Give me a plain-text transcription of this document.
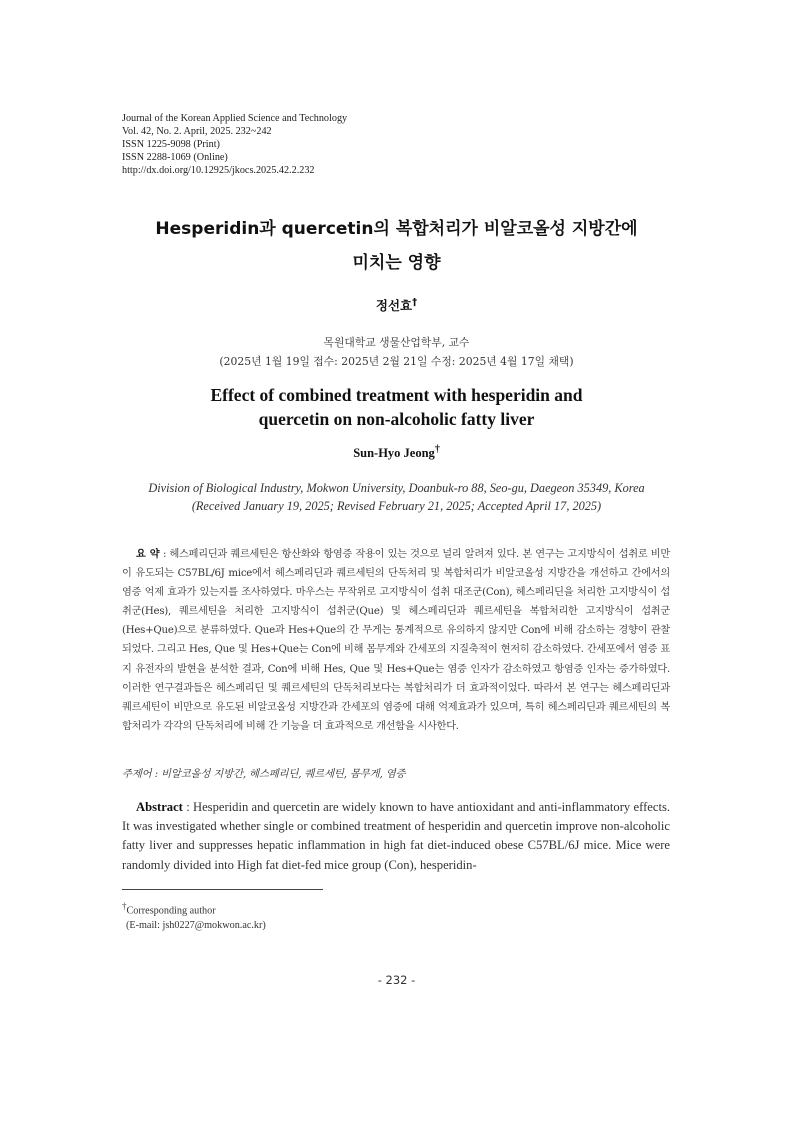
Journal of the Korean Applied Science and Technology
Vol. 42, No. 2. April, 2025. 232~242
ISSN 1225-9098 (Print)
ISSN 2288-1069 (Online)
http://dx.doi.org/10.12925/jkocs.2025.42.2.232
Hesperidin과 quercetin의 복합처리가 비알코올성 지방간에
미치는 영향
정선효†
목원대학교 생물산업학부, 교수
(2025년 1월 19일 접수: 2025년 2월 21일 수정: 2025년 4월 17일 채택)
Effect of combined treatment with hesperidin and
quercetin on non-alcoholic fatty liver
Sun-Hyo Jeong†
Division of Biological Industry, Mokwon University, Doanbuk-ro 88, Seo-gu, Daegeon 35349, Korea
(Received January 19, 2025; Revised February 21, 2025; Accepted April 17, 2025)
요 약 : 헤스페리딘과 퀘르세틴은 항산화와 항염증 작용이 있는 것으로 널리 알려져 있다. 본 연구는 고지방식이 섭취로 비만이 유도되는 C57BL/6J mice에서 헤스페리딘과 퀘르세틴의 단독처리 및 복합처리가 비알코올성 지방간을 개선하고 간에서의 염증 억제 효과가 있는지를 조사하였다. 마우스는 무작위로 고지방식이 섭취 대조군(Con), 헤스페리딘을 처리한 고지방식이 섭취군(Hes), 퀘르세틴을 처리한 고지방식이 섭취군(Que) 및 헤스페리딘과 퀘르세틴을 복합처리한 고지방식이 섭취군(Hes+Que)으로 분류하였다. Que과 Hes+Que의 간 무게는 통계적으로 유의하지 않지만 Con에 비해 감소하는 경향이 관찰되었다. 그리고 Hes, Que 및 Hes+Que는 Con에 비해 몸무게와 간세포의 지질축적이 현저히 감소하였다. 간세포에서 염증 표지 유전자의 발현을 분석한 결과, Con에 비해 Hes, Que 및 Hes+Que는 염증 인자가 감소하였고 항염증 인자는 증가하였다. 이러한 연구결과들은 헤스페리딘 및 퀘르세틴의 단독처리보다는 복합처리가 더 효과적이었다. 따라서 본 연구는 헤스페리딘과 퀘르세틴이 비만으로 유도된 비알코올성 지방간과 간세포의 염증에 대해 억제효과가 있으며, 특히 헤스페리딘과 퀘르세틴의 복합처리가 각각의 단독처리에 비해 간 기능을 더 효과적으로 개선함을 시사한다.
주제어 : 비알코올성 지방간, 헤스페리딘, 퀘르세틴, 몸무게, 염증
Abstract : Hesperidin and quercetin are widely known to have antioxidant and anti-inflammatory effects. It was investigated whether single or combined treatment of hesperidin and quercetin improve non-alcoholic fatty liver and suppresses hepatic inflammation in high fat diet-induced obese C57BL/6J mice. Mice were randomly divided into High fat diet-fed mice group (Con), hesperidin-
†Corresponding author
(E-mail: jsh0227@mokwon.ac.kr)
- 232 -
